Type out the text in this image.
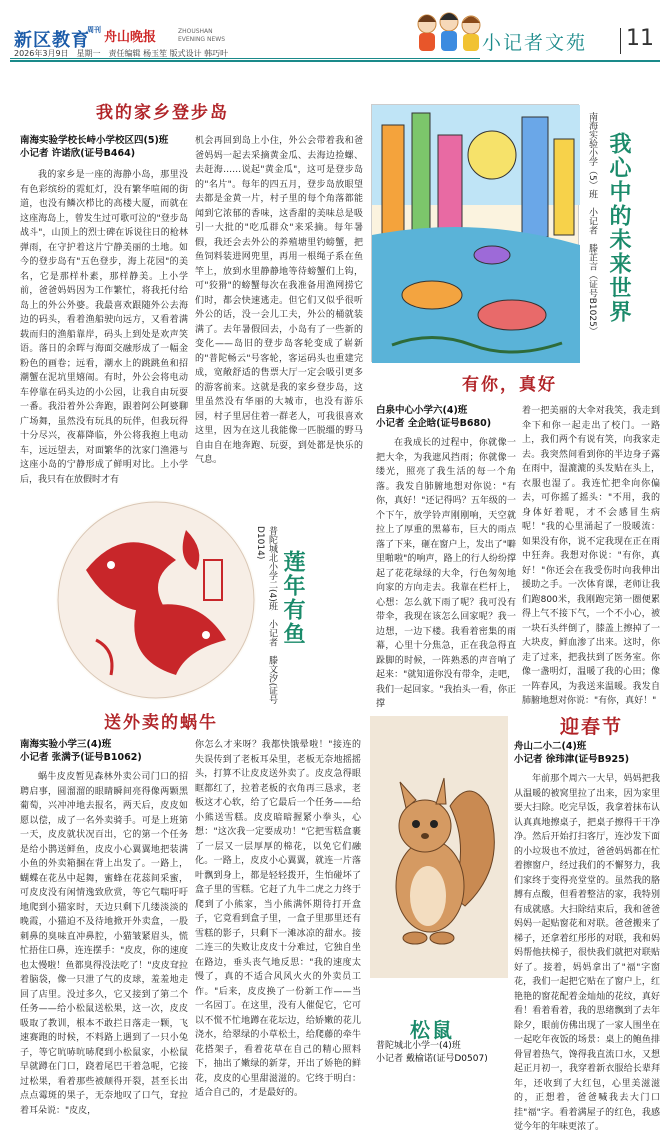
新区教育
周刊 舟山晚报	ZHOUSHAN EVENING NEWS
2026年3月9日　星期一　责任编辑 杨玉笙 版式设计 韩巧叶	小记者文苑 11
我的家乡登步岛
南海实验学校长峙小学校区四(5)班
小记者 许诺欣(证号B464)

我的家乡是一座的海静小岛，那里没有色彩缤纷的霓虹灯，没有繁华喧闹的街道，也没有鳞次栉比的高楼大厦，而就在这座海岛上，曾发生过可歌可泣的"登步岛战斗"，山顶上的烈士碑在诉说往日的枪林弹雨，在守护着这片宁静美丽的土地。如今的登步岛有"五色登步，海上花园"的美名，它是那样朴素，那样静美。上小学前，爸爸妈妈因为工作繁忙，将我托付给岛上的外公外婆。我最喜欢跟随外公去海边的码头，看着渔船驶向远方，又看着满载而归的渔船靠岸，码头上到处是欢声笑语。落日的余晖与海面交融形成了一幅金粉色的画卷；远看，潮水上的跳跳鱼和招潮蟹在泥坑里嬉闹。有时，外公会将电动车停靠在码头边的小公园，让我自由玩耍一番。我沿着外公奔跑，跟着阿公阿婆聊广场舞，虽然没有玩具的玩伴，但我玩得十分尽兴，夜幕降临，外公将我抱上电动车，远远望去，对面繁华的沈家门渔港与这座小岛的宁静形成了鲜明对比。上小学后，我只有在放假时才有

机会再回到岛上小住，外公会带着我和爸爸妈妈一起去采摘黄金瓜、去海边捡螺、去赶海……说起"黄金瓜"，这可是登步岛的"名片"。每年的四五月，登步岛放眼望去都是金黄一片，村子里的每个角落都能闻到它浓郁的香味，这香甜的美味总是吸引一大批的"吃瓜群众"来采摘。每年暑假，我还会去外公的养殖塘里钓螃蟹，把鱼饲料装进网兜里，再用一根绳子系在鱼竿上，放到水里静静地等待螃蟹们上钩，可"狡猾"的螃蟹每次在我准备用渔网捞它们时，都会快速逃走。但它们又似乎很听外公的话，没一会儿工夫，外公的桶就装满了。去年暑假回去，小岛有了一些新的变化——岛旧的登步岛客轮变成了崭新的"普陀畅云"号客轮，客运码头也重建完成，宽敞舒适的售票大厅一定会吸引更多的游客前来。这就是我的家乡登步岛，这里虽然没有华丽的大城市，也没有游乐园，村子里居住着一群老人，可我很喜欢这里，因为在这儿我能像一匹脱缰的野马自由自在地奔跑、玩耍，到处都是快乐的气息。

我心中的未来世界
南海实验小学（5）班　小记者　滕芷言（证号B1025）
有你，真好
白泉中心小学六(4)班
小记者 全企晗(证号B680)

在我成长的过程中，你就像一把大伞，为我遮风挡雨；你就像一缕光，照亮了我生活的每一个角落。我发自肺腑地想对你说："有你，真好！"还记得吗？五年级的一个下午，放学铃声刚刚响，天空就拉上了厚重的黑幕布，巨大的雨点落了下来，砸在窗户上，发出了"噼里啪啦"的响声，路上的行人纷纷撑起了花花绿绿的大伞，行色匆匆地向家的方向走去。我靠在栏杆上，心想：怎么就下雨了呢？我可没有带伞，我现在该怎么回家呢？我一边想，一边下楼。我看着密集的雨幕，心里十分焦急，正在我急得直跺脚的时候，一阵熟悉的声音响了起来："就知道你没有带伞，走吧，我们一起回家。"我抬头一看，你正撑

着一把美丽的大伞对我笑，我走到伞下和你一起走出了校门。一路上，我们两个有说有笑，向我家走去。我突然间看到你的半边身子露在雨中，湿漉漉的头发贴在头上，衣服也湿了。我连忙把伞向你偏去，可你摇了摇头："不用，我的身体好着呢，才不会感冒生病呢！"我的心里涌起了一股暖流：如果没有你，说不定我现在正在雨中狂奔。我想对你说："有你，真好！"你还会在我受伤时向我伸出援助之手。一次体育课，老师让我们跑800米，我刚跑完第一圈便累得上气不接下气，一个不小心，被一块石头绊倒了，膝盖上擦掉了一大块皮，鲜血渗了出来。这时，你走了过来，把我扶到了医务室。你像一盏明灯，温暖了我的心田；像一阵春风，为我送来温暖。我发自肺腑地想对你说："有你，真好！"

莲年有鱼
普陀城北小学二(4)班　小记者　滕文汐(证号D1014)
送外卖的蜗牛
南海实验小学三(4)班
小记者 张满予(证号B1062)

蜗牛皮皮暂见森林外卖公司门口的招聘启事，圆溜溜的眼睛瞬间亮得像两颗黑葡萄，兴冲冲地去报名，两天后，皮皮如愿以偿，成了一名外卖骑手。可是上班第一天，皮皮就状况百出，它的第一个任务是给小鹊送鲜鱼，皮皮小心翼翼地把装满小鱼的外卖箱捆在背上出发了。一路上，蝴蝶在花丛中起舞，蜜蜂在花蕊间采蜜，可皮皮没有闲情逸致欣赏，等它气喘吁吁地爬到小猫家时，天边只剩下几缕淡淡的晚霞，小猫迫不及待地掀开外卖盒，一股刺鼻的臭味直冲鼻腔，小猫皱紧眉头，慌忙捂住口鼻，连连摆手："皮皮，你的速度也太慢啦！鱼都臭得没法吃了！"皮皮耷拉着脑袋，像一只泄了气的皮球，羞羞地走回了店里。没过多久，它又接到了第二个任务——给小松鼠送松果，这一次，皮皮吸取了教训，根本不敢拦日落走一颗，飞速赛跑的时候，不料路上遇到了一只小兔子，等它吭哧吭哧爬到小松鼠家，小松鼠早就蹲在门口，跷着尾巴干着急呢，它接过松果，看着那些被颠得开裂，甚至长出点点霉斑的果子，无奈地叹了口气，耷拉着耳朵说："皮皮，

你怎么才来呀？我都快饿晕啦！"接连的失误传到了老板耳朵里，老板无奈地摇摇头，打算不让皮皮送外卖了。皮皮急得眼眶都红了，拉着老板的衣角再三恳求，老板这才心软，给了它最后一个任务——给小熊送雪糕。皮皮暗暗握紧小拳头，心想："这次我一定要成功！"它把雪糕盒裹了一层又一层厚厚的棉花，以免它们融化。一路上，皮皮小心翼翼，就连一片落叶飘到身上，都是轻轻拨开，生怕碰坏了盒子里的雪糕。它赶了九牛二虎之力终于爬到了小熊家，当小熊满怀期待打开盒子，它竟看到盒子里，一盒子里那里还有雪糕的影子，只剩下一滩冰凉的甜水。接二连三的失败让皮皮十分难过，它独自坐在路边，垂头丧气地反思："我的速度太慢了，真的不适合风风火火的外卖员工作。"后来，皮皮换了一份新工作——当一名园丁。在这里，没有人催促它，它可以不慌不忙地蹲在花坛边，给娇嫩的花儿浇水，给翠绿的小草松土，给爬藤的牵牛花搭架子，看着花草在自己的精心照料下，抽出了嫩绿的新芽，开出了娇艳的鲜花，皮皮的心里甜滋滋的。它终于明白：适合自己的，才是最好的。

松鼠
普陀城北小学一(4)班
小记者 戴榆诺(证号D0507)
迎春节
舟山二小二(4)班
小记者 徐玮津(证号B925)

年前那个周六一大早，妈妈把我从温暖的被窝里拉了出来，因为家里要大扫除。吃完早饭，我拿着抹布认认真真地擦桌子，把桌子擦得干干净净。然后开始打扫客厅，连沙发下面的小垃圾也不放过，爸爸妈妈都在忙着擦窗户，经过我们的不懈努力，我们家终于变得亮堂堂的。虽然我的胳膊有点酸，但看着整洁的家，我特别有成就感。大扫除结束后，我和爸爸妈妈一起贴窗花和对联。爸爸搬来了梯子，还拿着红彤彤的对联，我和妈妈帮他扶梯子，很快我们就把对联贴好了。接着，妈妈拿出了"福"字窗花，我们一起把它贴在了窗户上，红艳艳的窗花配着金灿灿的花纹，真好看！看着看着，我的思绪飘到了去年除夕，眼前仿佛出现了一家人围坐在一起吃年夜饭的场景：桌上的鲍鱼排骨冒着热气，馋得我直流口水，又想起正月初一，我穿着新衣服给长辈拜年，还收到了大红包，心里美滋滋的，正想着，爸爸喊我去大门口挂"福"字。看着满屋子的红色，我感觉今年的年味更浓了。
